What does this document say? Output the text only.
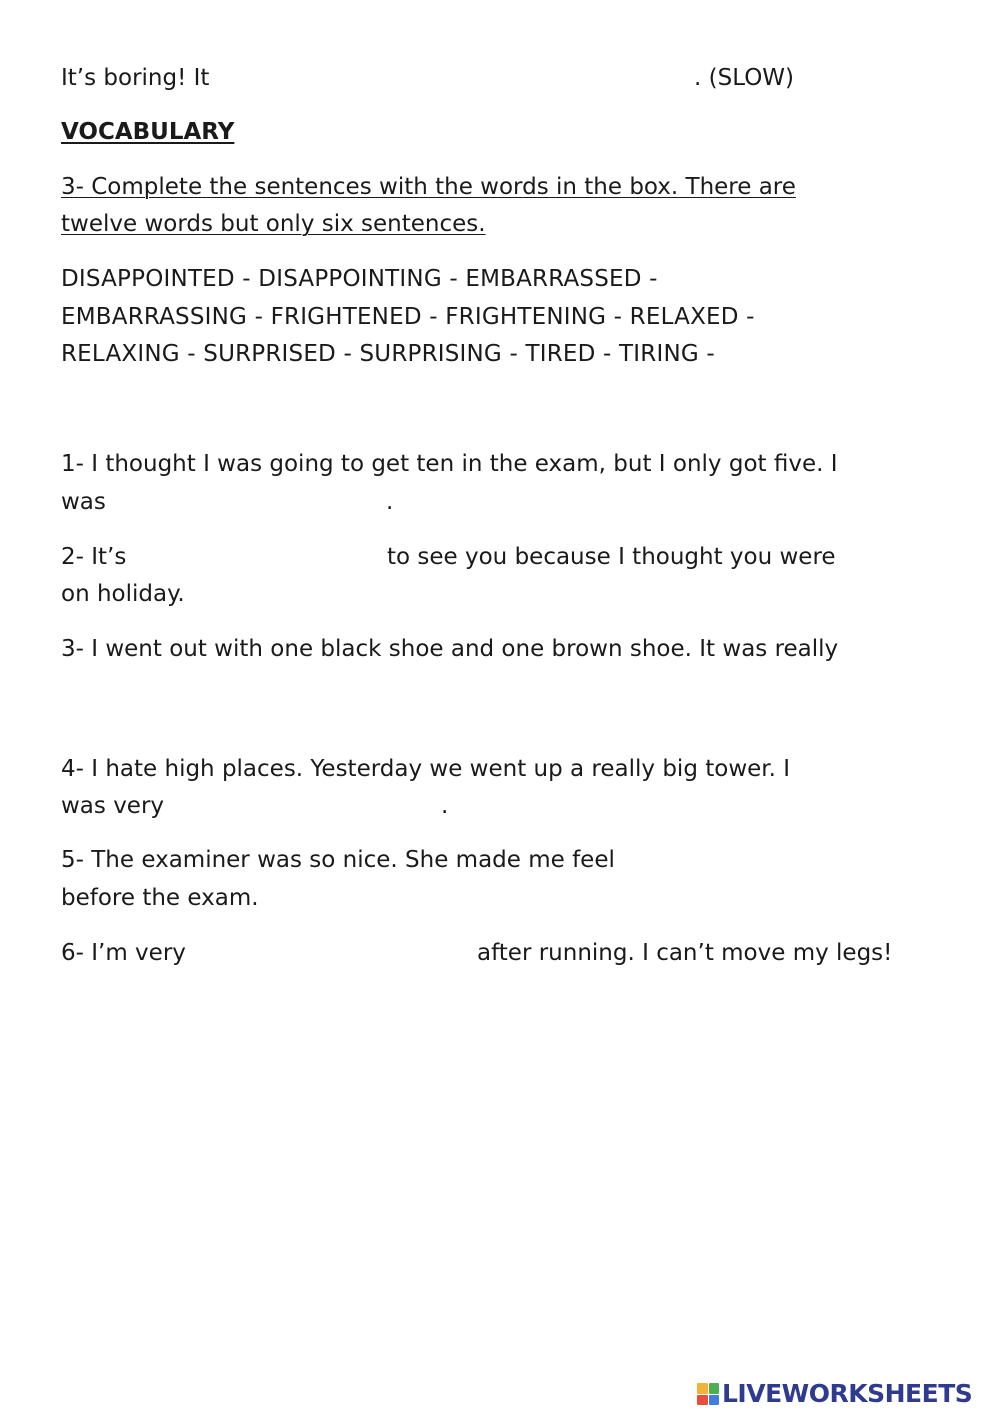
It’s boring! It	. (SLOW)
VOCABULARY
3- Complete the sentences with the words in the box. There are
twelve words but only six sentences.
DISAPPOINTED - DISAPPOINTING - EMBARRASSED -
EMBARRASSING - FRIGHTENED - FRIGHTENING - RELAXED -
RELAXING - SURPRISED - SURPRISING - TIRED - TIRING -
1- I thought I was going to get ten in the exam, but I only got five. I
was	.
2- It’s	to see you because I thought you were
on holiday.
3- I went out with one black shoe and one brown shoe. It was really
4- I hate high places. Yesterday we went up a really big tower. I
was very	.
5- The examiner was so nice. She made me feel
before the exam.
6- I’m very	after running. I can’t move my legs!
LIVEWORKSHEETS
